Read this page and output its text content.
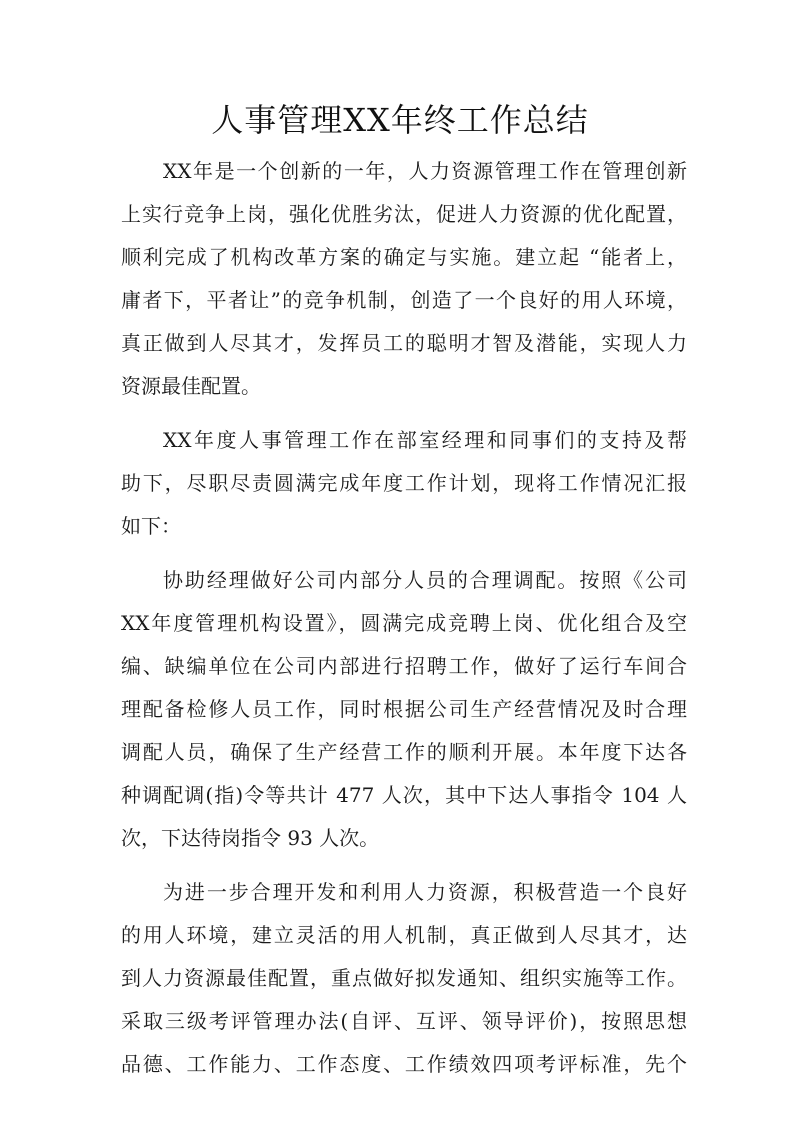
人事管理XX年终工作总结

XX年是一个创新的一年，人力资源管理工作在管理创新
上实行竞争上岗，强化优胜劣汰，促进人力资源的优化配置，
顺利完成了机构改革方案的确定与实施。建立起 “能者上，
庸者下，平者让”的竞争机制，创造了一个良好的用人环境，
真正做到人尽其才，发挥员工的聪明才智及潜能，实现人力
资源最佳配置。

XX年度人事管理工作在部室经理和同事们的支持及帮
助下，尽职尽责圆满完成年度工作计划，现将工作情况汇报
如下：

协助经理做好公司内部分人员的合理调配。按照《公司
XX年度管理机构设置》，圆满完成竞聘上岗、优化组合及空
编、缺编单位在公司内部进行招聘工作，做好了运行车间合
理配备检修人员工作，同时根据公司生产经营情况及时合理
调配人员，确保了生产经营工作的顺利开展。本年度下达各
种调配调(指)令等共计 477 人次，其中下达人事指令 104 人
次，下达待岗指令 93 人次。

为进一步合理开发和利用人力资源，积极营造一个良好
的用人环境，建立灵活的用人机制，真正做到人尽其才，达
到人力资源最佳配置，重点做好拟发通知、组织实施等工作。
采取三级考评管理办法(自评、互评、领导评价)，按照思想
品德、工作能力、工作态度、工作绩效四项考评标准，先个
